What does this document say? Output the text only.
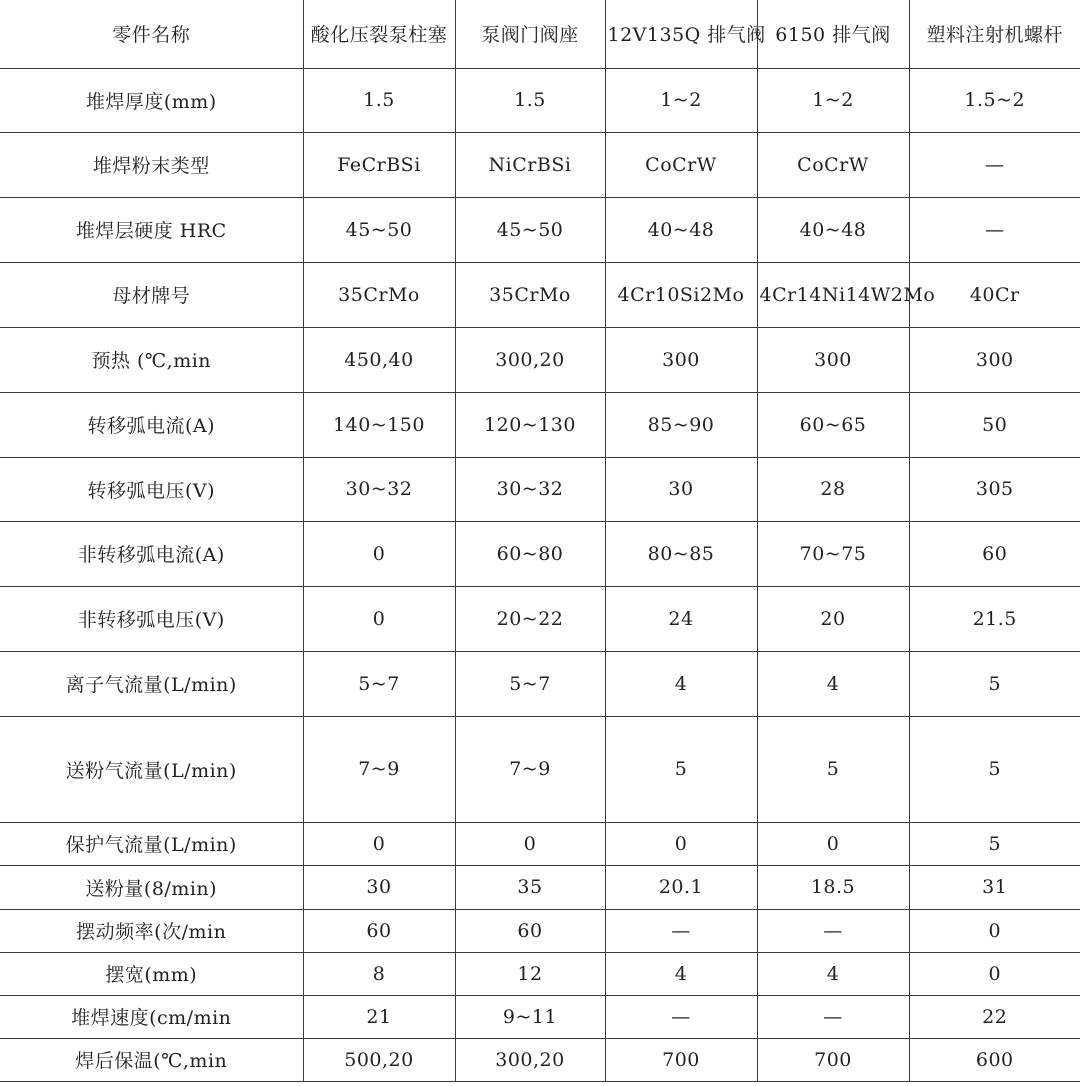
零件名称	酸化压裂泵柱塞	泵阀门阀座	12V135Q 排气阀	6150 排气阀	塑料注射机螺杆
堆焊厚度(mm)	1.5	1.5	1~2	1~2	1.5~2
堆焊粉末类型	FeCrBSi	NiCrBSi	CoCrW	CoCrW	—
堆焊层硬度 HRC	45~50	45~50	40~48	40~48	—
母材牌号	35CrMo	35CrMo	4Cr10Si2Mo	4Cr14Ni14W2Mo	40Cr
预热 (℃,min	450,40	300,20	300	300	300
转移弧电流(A)	140~150	120~130	85~90	60~65	50
转移弧电压(V)	30~32	30~32	30	28	305
非转移弧电流(A)	0	60~80	80~85	70~75	60
非转移弧电压(V)	0	20~22	24	20	21.5
离子气流量(L/min)	5~7	5~7	4	4	5
送粉气流量(L/min)	7~9	7~9	5	5	5
保护气流量(L/min)	0	0	0	0	5
送粉量(8/min)	30	35	20.1	18.5	31
摆动频率(次/min	60	60	—	—	0
摆宽(mm)	8	12	4	4	0
堆焊速度(cm/min	21	9~11	—	—	22
焊后保温(℃,min	500,20	300,20	700	700	600
